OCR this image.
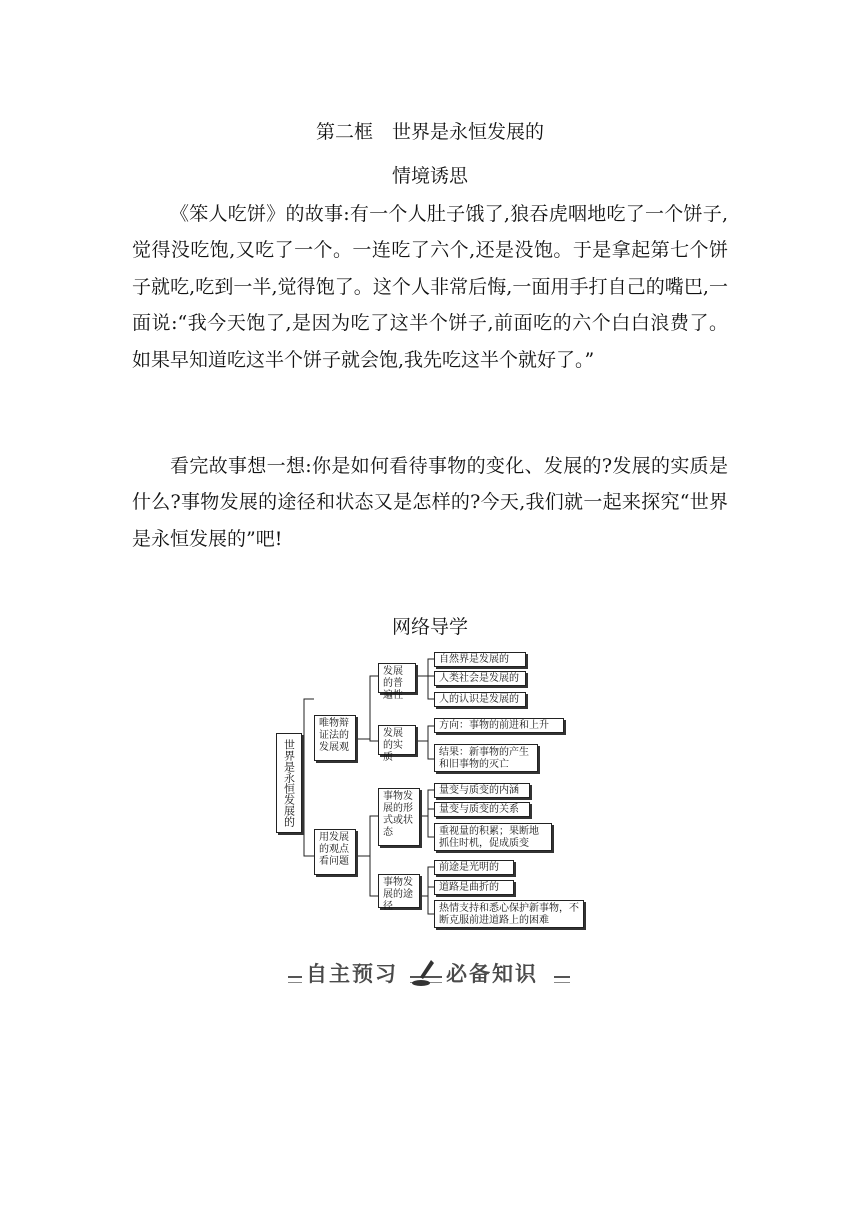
第二框　世界是永恒发展的
情境诱思

《笨人吃饼》的故事:有一个人肚子饿了,狼吞虎咽地吃了一个饼子,觉得没吃饱,又吃了一个。一连吃了六个,还是没饱。于是拿起第七个饼子就吃,吃到一半,觉得饱了。这个人非常后悔,一面用手打自己的嘴巴,一面说:“我今天饱了,是因为吃了这半个饼子,前面吃的六个白白浪费了。如果早知道吃这半个饼子就会饱,我先吃这半个就好了。”

看完故事想一想:你是如何看待事物的变化、发展的?发展的实质是什么?事物发展的途径和状态又是怎样的?今天,我们就一起来探究“世界是永恒发展的”吧!

网络导学
世界是永恒发展的
唯物辩证法的发展观
发展的普遍性
自然界是发展的
人类社会是发展的
人的认识是发展的
发展的实质
方向：事物的前进和上升
结果：新事物的产生和旧事物的灭亡
用发展的观点看问题
事物发展的形式或状态
量变与质变的内涵
量变与质变的关系
重视量的积累；果断地抓住时机，促成质变
事物发展的途径
前途是光明的
道路是曲折的
热情支持和悉心保护新事物，不断克服前进道路上的困难
自主预习 必备知识
